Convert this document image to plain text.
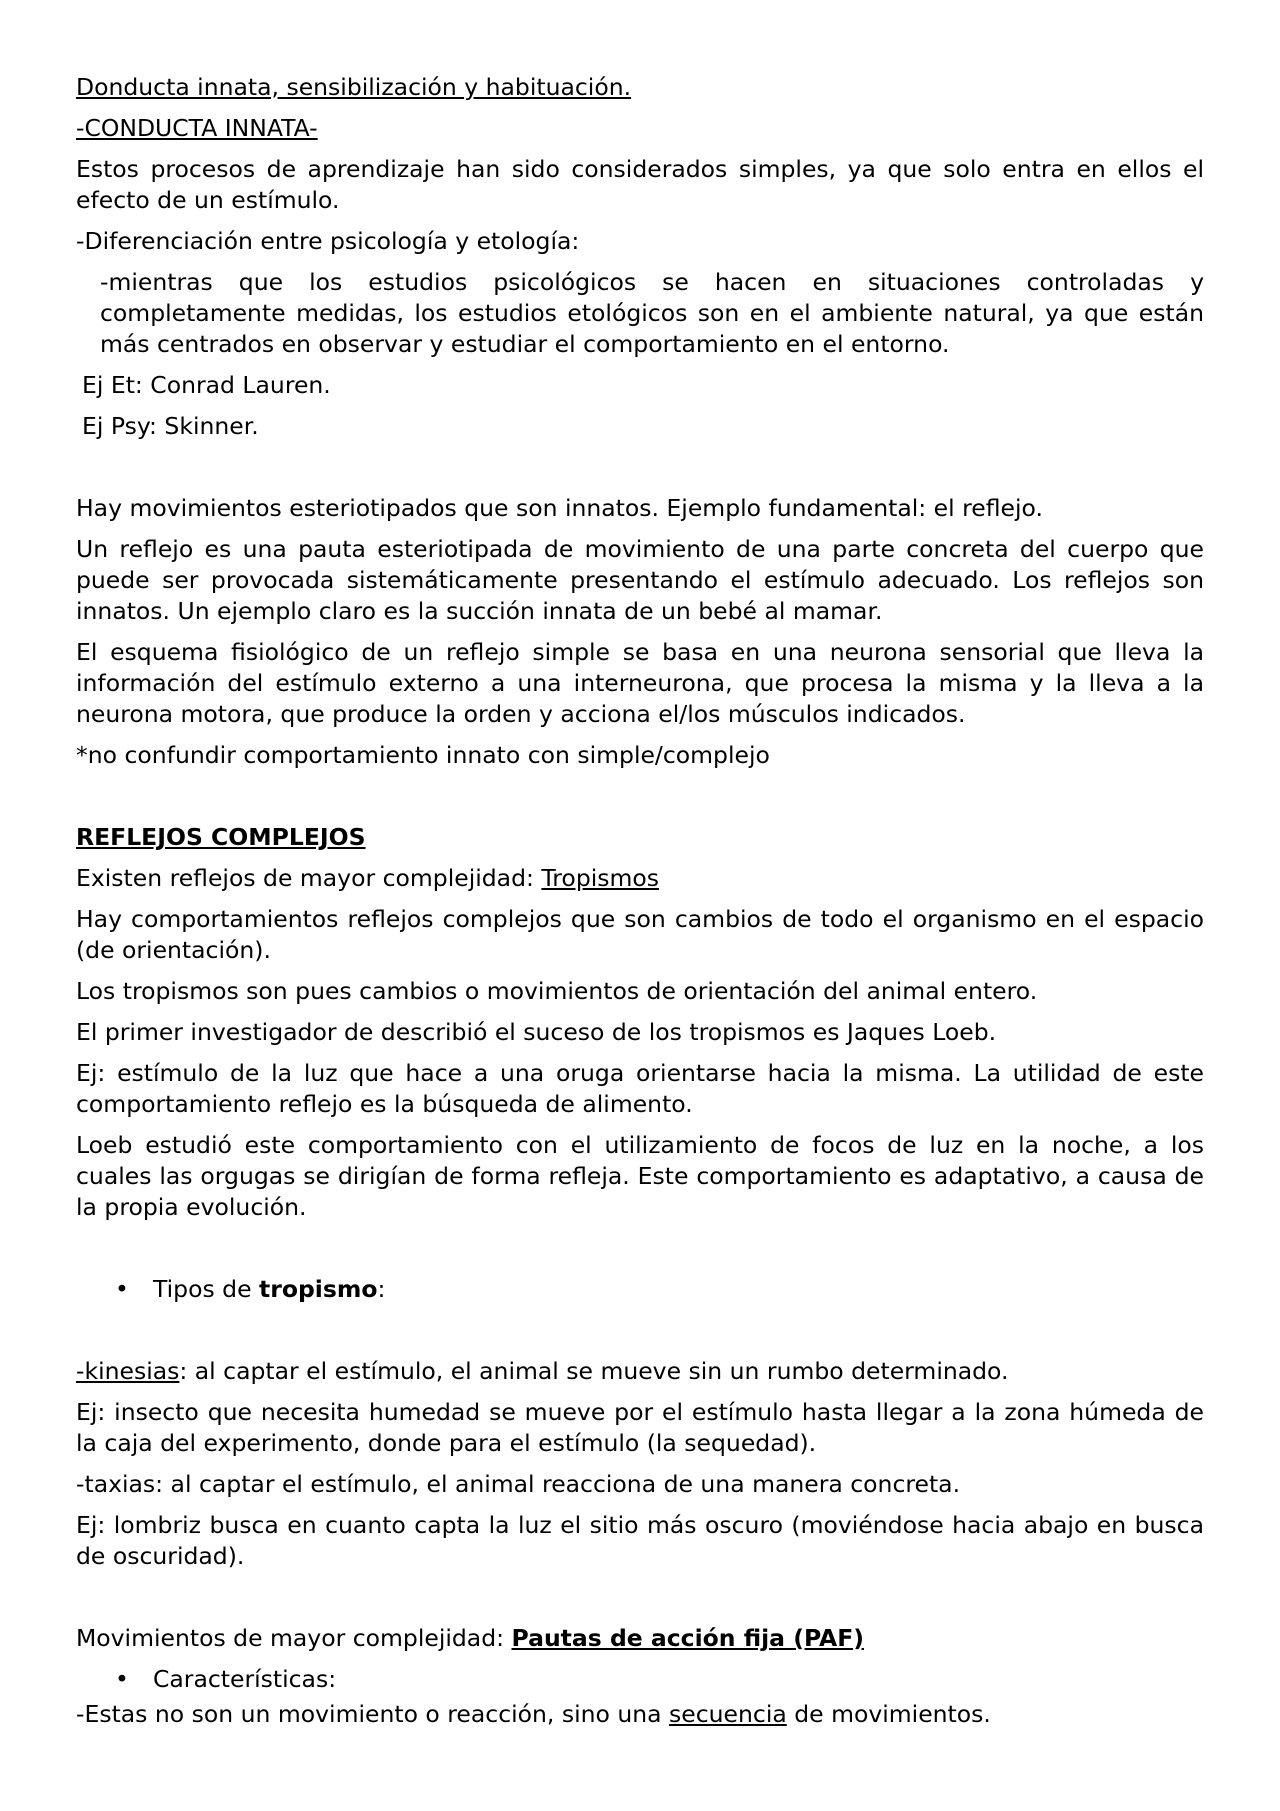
Donducta innata, sensibilización y habituación.
-CONDUCTA INNATA-
Estos procesos de aprendizaje han sido considerados simples, ya que solo entra en ellos el efecto de un estímulo.
-Diferenciación entre psicología y etología:
-mientras que los estudios psicológicos se hacen en situaciones controladas y completamente medidas, los estudios etológicos son en el ambiente natural, ya que están más centrados en observar y estudiar el comportamiento en el entorno.
Ej Et: Conrad Lauren.
Ej Psy: Skinner.
Hay movimientos esteriotipados que son innatos. Ejemplo fundamental: el reflejo.
Un reflejo es una pauta esteriotipada de movimiento de una parte concreta del cuerpo que puede ser provocada sistemáticamente presentando el estímulo adecuado. Los reflejos son innatos. Un ejemplo claro es la succión innata de un bebé al mamar.
El esquema fisiológico de un reflejo simple se basa en una neurona sensorial que lleva la información del estímulo externo a una interneurona, que procesa la misma y la lleva a la neurona motora, que produce la orden y acciona el/los músculos indicados.
*no confundir comportamiento innato con simple/complejo
REFLEJOS COMPLEJOS
Existen reflejos de mayor complejidad: Tropismos
Hay comportamientos reflejos complejos que son cambios de todo el organismo en el espacio (de orientación).
Los tropismos son pues cambios o movimientos de orientación del animal entero.
El primer investigador de describió el suceso de los tropismos es Jaques Loeb.
Ej: estímulo de la luz que hace a una oruga orientarse hacia la misma. La utilidad de este comportamiento reflejo es la búsqueda de alimento.
Loeb estudió este comportamiento con el utilizamiento de focos de luz en la noche, a los cuales las orgugas se dirigían de forma refleja. Este comportamiento es adaptativo, a causa de la propia evolución.
• Tipos de tropismo:
-kinesias: al captar el estímulo, el animal se mueve sin un rumbo determinado.
Ej: insecto que necesita humedad se mueve por el estímulo hasta llegar a la zona húmeda de la caja del experimento, donde para el estímulo (la sequedad).
-taxias: al captar el estímulo, el animal reacciona de una manera concreta.
Ej: lombriz busca en cuanto capta la luz el sitio más oscuro (moviéndose hacia abajo en busca de oscuridad).
Movimientos de mayor complejidad: Pautas de acción fija (PAF)
• Características:
-Estas no son un movimiento o reacción, sino una secuencia de movimientos.
